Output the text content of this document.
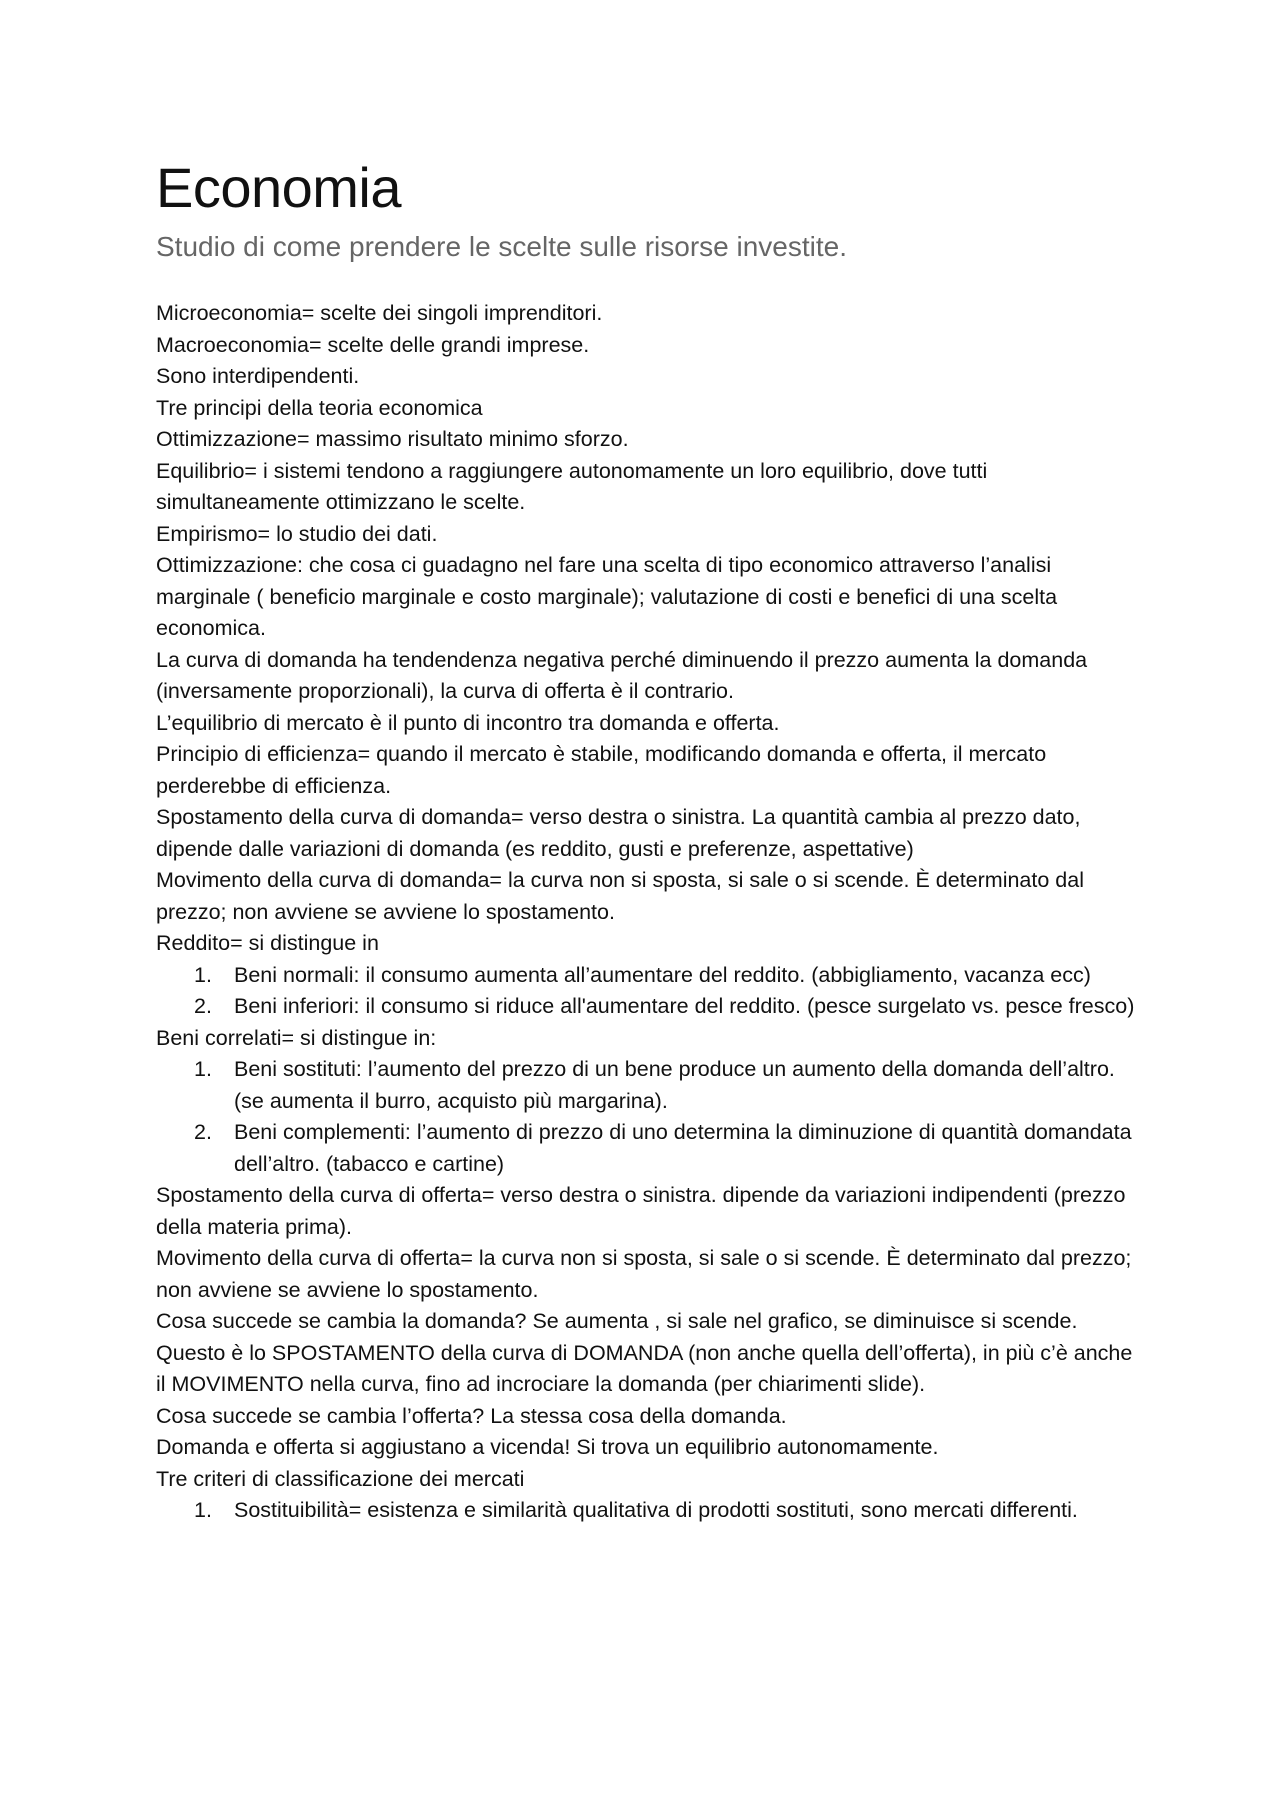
Economia
Studio di come prendere le scelte sulle risorse investite.

Microeconomia= scelte dei singoli imprenditori.

Macroeconomia= scelte delle grandi imprese.

Sono interdipendenti.

Tre principi della teoria economica

Ottimizzazione= massimo risultato minimo sforzo.

Equilibrio= i sistemi tendono a raggiungere autonomamente un loro equilibrio, dove tutti simultaneamente ottimizzano le scelte.

Empirismo= lo studio dei dati.

Ottimizzazione: che cosa ci guadagno nel fare una scelta di tipo economico attraverso l’analisi marginale ( beneficio marginale e costo marginale); valutazione di costi e benefici di una scelta economica.

La curva di domanda ha tendendenza negativa perché diminuendo il prezzo aumenta la domanda (inversamente proporzionali), la curva di offerta è il contrario.

L’equilibrio di mercato è il punto di incontro tra domanda e offerta.

Principio di efficienza= quando il mercato è stabile, modificando domanda e offerta, il mercato perderebbe di efficienza.

Spostamento della curva di domanda= verso destra o sinistra. La quantità cambia al prezzo dato, dipende dalle variazioni di domanda (es reddito, gusti e preferenze, aspettative)

Movimento della curva di domanda= la curva non si sposta, si sale o si scende. È determinato dal prezzo; non avviene se avviene lo spostamento.

Reddito= si distingue in

1. Beni normali: il consumo aumenta all’aumentare del reddito. (abbigliamento, vacanza ecc)
2. Beni inferiori: il consumo si riduce all'aumentare del reddito. (pesce surgelato vs. pesce fresco)

Beni correlati= si distingue in:

1. Beni sostituti: l’aumento del prezzo di un bene produce un aumento della domanda dell’altro. (se aumenta il burro, acquisto più margarina).
2. Beni complementi: l’aumento di prezzo di uno determina la diminuzione di quantità domandata dell’altro. (tabacco e cartine)

Spostamento della curva di offerta= verso destra o sinistra. dipende da variazioni indipendenti (prezzo della materia prima).

Movimento della curva di offerta= la curva non si sposta, si sale o si scende. È determinato dal prezzo; non avviene se avviene lo spostamento.

Cosa succede se cambia la domanda? Se aumenta , si sale nel grafico, se diminuisce si scende. Questo è lo SPOSTAMENTO della curva di DOMANDA (non anche quella dell’offerta), in più c’è anche il MOVIMENTO nella curva, fino ad incrociare la domanda (per chiarimenti slide).

Cosa succede se cambia l’offerta? La stessa cosa della domanda.

Domanda e offerta si aggiustano a vicenda! Si trova un equilibrio autonomamente.

Tre criteri di classificazione dei mercati

1. Sostituibilità= esistenza e similarità qualitativa di prodotti sostituti, sono mercati differenti.
